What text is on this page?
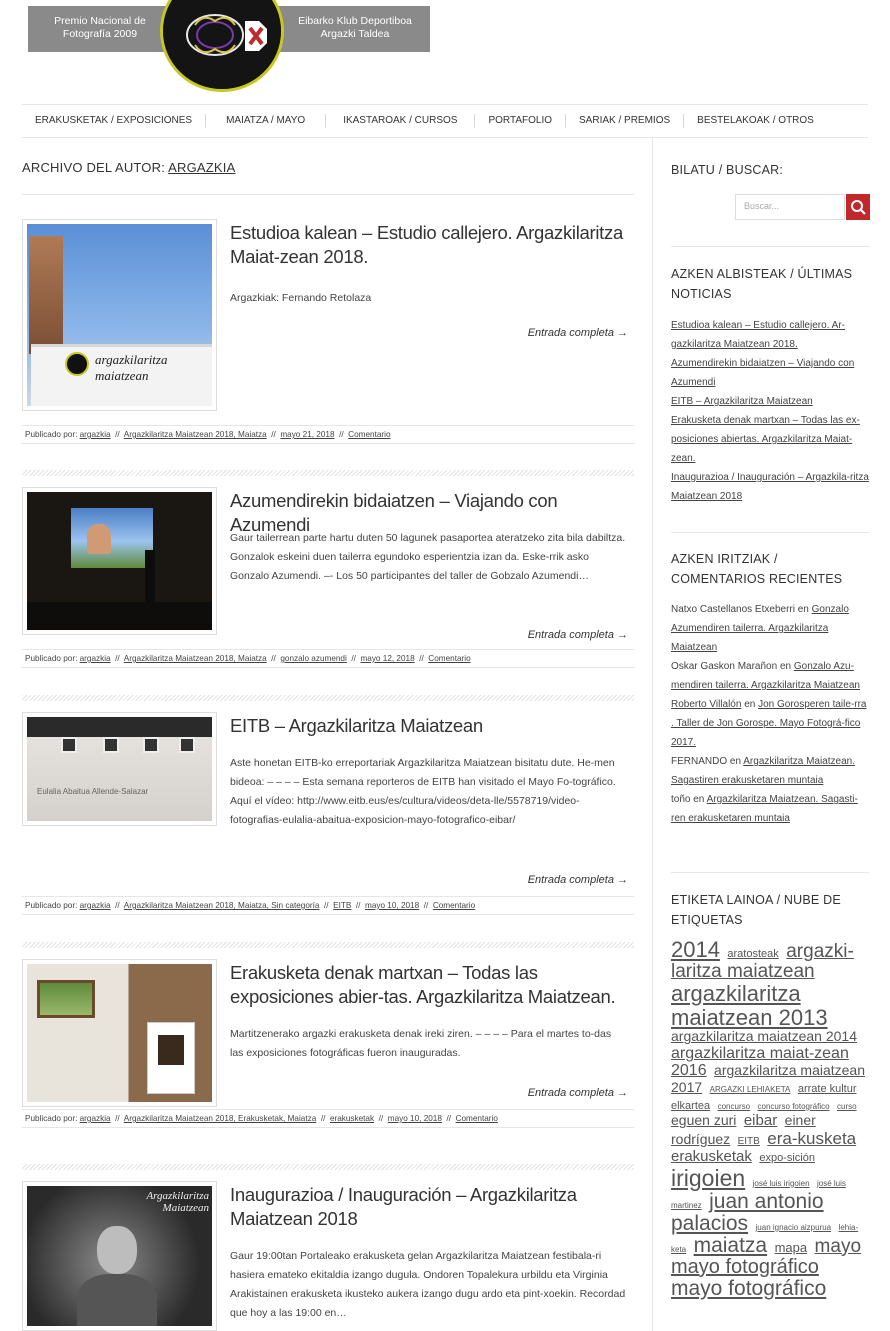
Premio Nacional de Fotografía 2009
Eibarko Klub Deportiboa Argazki Taldea
ERAKUSKETAK / EXPOSICIONES	MAIATZA / MAYO	IKASTAROAK / CURSOS	PORTAFOLIO	SARIAK / PREMIOS	BESTELAKOAK / OTROS
ARCHIVO DEL AUTOR: ARGAZKIA
argazkilaritza
maiatzean
Estudioa kalean – Estudio callejero. Argazkilaritza Maiat-zean 2018.
Argazkiak: Fernando Retolaza
Entrada completa →
Publicado por: argazkia  //  Argazkilaritza Maiatzean 2018, Maiatza  //  mayo 21, 2018  //  Comentario
Azumendirekin bidaiatzen – Viajando con Azumendi
Gaur tailerrean parte hartu duten 50 lagunek pasaportea ateratzeko zita bila dabiltza. Gonzalok eskeini duen tailerra egundoko esperientzia izan da. Eske-rrik asko Gonzalo Azumendi. –- Los 50 participantes del taller de Gobzalo Azumendi…
Entrada completa →
Publicado por: argazkia  //  Argazkilaritza Maiatzean 2018, Maiatza  //  gonzalo azumendi  //  mayo 12, 2018  //  Comentario
Eulalia Abaitua Allende-Salazar
EITB – Argazkilaritza Maiatzean
Aste honetan EITB-ko erreportariak Argazkilaritza Maiatzean bisitatu dute. He-men bideoa: – – – – Esta semana reporteros de EITB han visitado el Mayo Fo-tográfico. Aquí el vídeo: http://www.eitb.eus/es/cultura/videos/deta-lle/5578719/video-fotografias-eulalia-abaitua-exposicion-mayo-fotografico-eibar/
Entrada completa →
Publicado por: argazkia  //  Argazkilaritza Maiatzean 2018, Maiatza, Sin categoría  //  EITB  //  mayo 10, 2018  //  Comentario
Erakusketa denak martxan – Todas las exposiciones abier-tas. Argazkilaritza Maiatzean.
Martitzenerako argazki erakusketa denak ireki ziren. – – – – Para el martes to-das las exposiciones fotográficas fueron inauguradas.
Entrada completa →
Publicado por: argazkia  //  Argazkilaritza Maiatzean 2018, Erakusketak, Maiatza  //  erakusketak  //  mayo 10, 2018  //  Comentario
Argazkilaritza Maiatzean
Inaugurazioa / Inauguración – Argazkilaritza Maiatzean 2018
Gaur 19:00tan Portaleako erakusketa gelan Argazkilaritza Maiatzean festibala-ri hasiera emateko ekitaldia izango dugula. Ondoren Topalekura urbildu eta Virginia Arakistainen erakusketa ikusteko aukera izango dugu ardo eta pint-xoekin. Recordad que hoy a las 19:00 en…
BILATU / BUSCAR:
Buscar...
AZKEN ALBISTEAK / ÚLTIMAS NOTICIAS
Estudioa kalean – Estudio callejero. Ar-gazkilaritza Maiatzean 2018.
Azumendirekin bidaiatzen – Viajando con Azumendi
EITB – Argazkilaritza Maiatzean
Erakusketa denak martxan – Todas las ex-posiciones abiertas. Argazkilaritza Maiat-zean.
Inaugurazioa / Inauguración – Argazkila-ritza Maiatzean 2018
AZKEN IRITZIAK / COMENTARIOS RECIENTES
Natxo Castellanos Etxeberri en Gonzalo Azumendiren tailerra. Argazkilaritza Maiatzean
Oskar Gaskon Marañon en Gonzalo Azu-mendiren tailerra. Argazkilaritza Maiatzean
Roberto Villalón en Jon Gorosperen taile-rra . Taller de Jon Gorospe. Mayo Fotográ-fico 2017.
FERNANDO en Argazkilaritza Maiatzean. Sagastiren erakusketaren muntaia
toño en Argazkilaritza Maiatzean. Sagasti-ren erakusketaren muntaia
ETIKETA LAINOA / NUBE DE ETIQUETAS
2014 aratosteak argazki-laritza maiatzean argazkilaritza maiatzean 2013 argazkilaritza maiatzean 2014 argazkilaritza maiat-zean 2016 argazkilaritza maiatzean 2017 ARGAZKI LEHIAKETA arrate kultur elkartea concurso concurso fotográfico curso eguen zuri eibar einer rodríguez EITB era-kusketa erakusketak expo-sición irigoien josé luis irigoien josé luis martinez juan antonio palacios juan ignacio aizpurua lehia-keta maiatza mapa mayo mayo fotográfico mayo fotográfico
